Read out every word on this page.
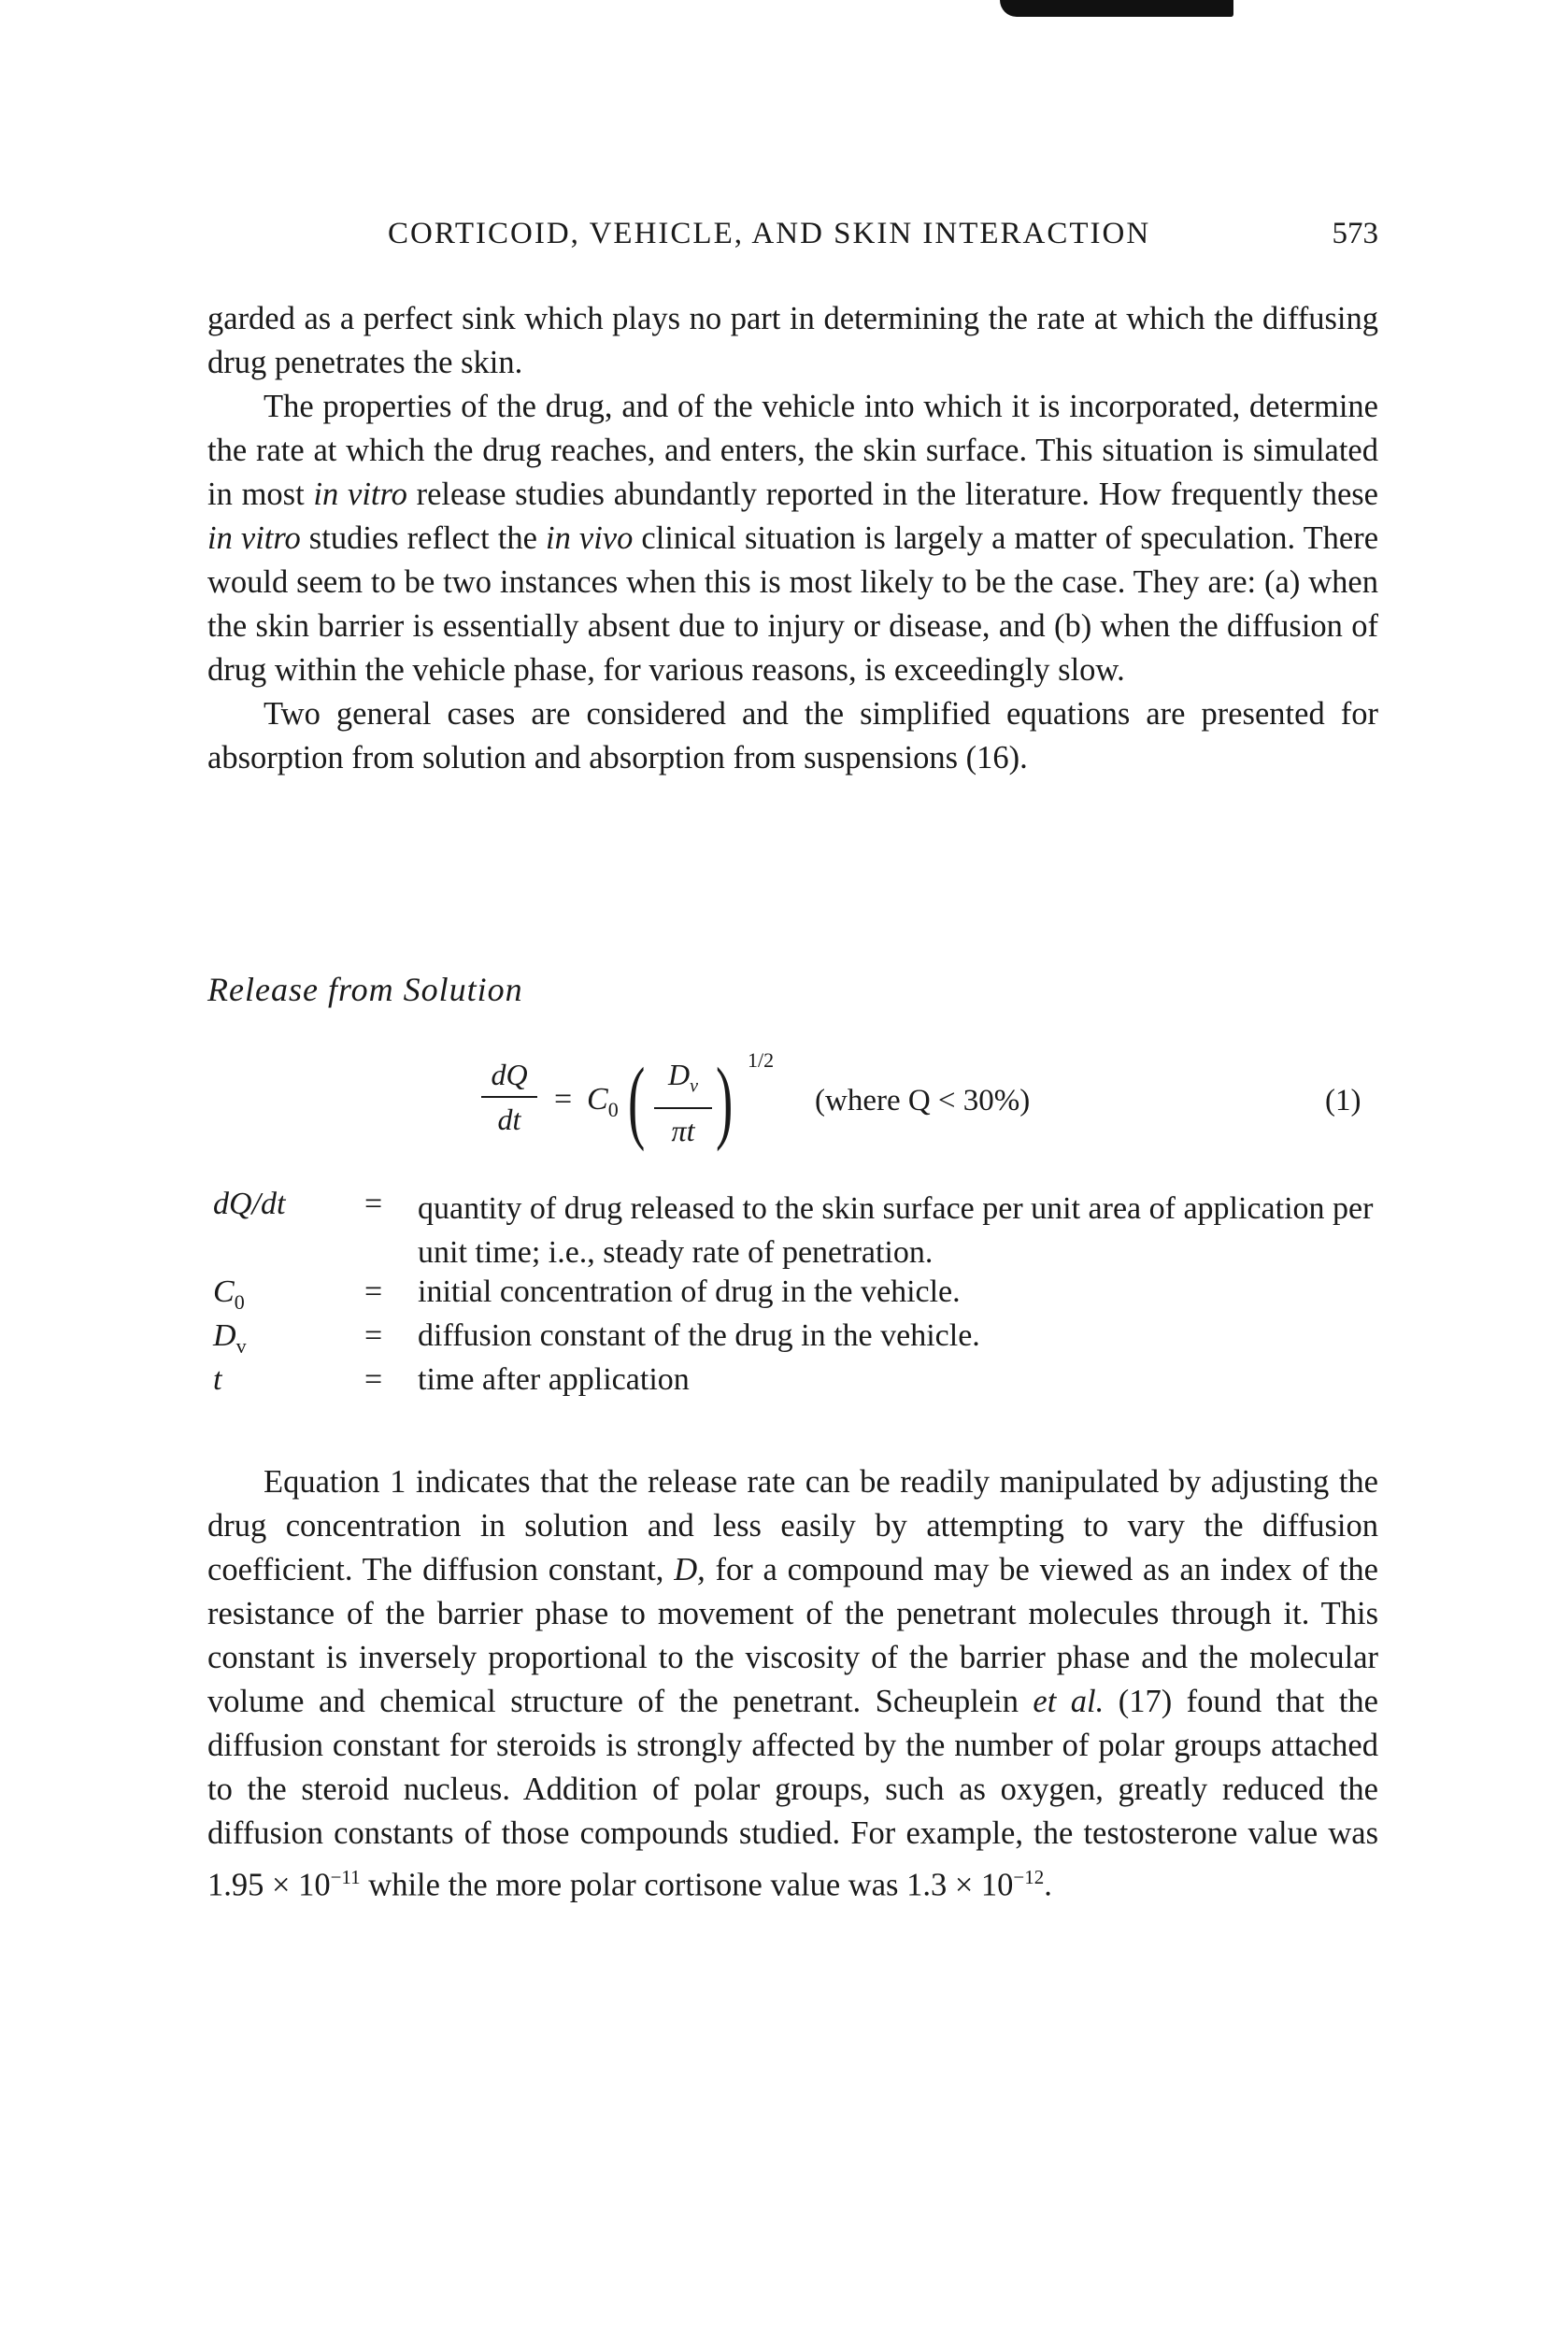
CORTICOID, VEHICLE, AND SKIN INTERACTION	573

garded as a perfect sink which plays no part in determining the rate at which the diffusing drug penetrates the skin.

The properties of the drug, and of the vehicle into which it is incorporated, determine the rate at which the drug reaches, and enters, the skin surface. This situation is simulated in most in vitro release studies abundantly reported in the literature. How frequently these in vitro studies reflect the in vivo clinical situation is largely a matter of speculation. There would seem to be two instances when this is most likely to be the case. They are: (a) when the skin barrier is essentially absent due to injury or disease, and (b) when the diffusion of drug within the vehicle phase, for various reasons, is exceedingly slow.

Two general cases are considered and the simplified equations are presented for absorption from solution and absorption from suspensions (16).

Release from Solution
dQ
dt
= $C_0$ ( $D_v$
πt ) 1/2
(where Q < 30%)	(1)
dQ/dt = quantity of drug released to the skin surface per unit area of application per unit time; i.e., steady rate of penetration.
$C_0$	= initial concentration of drug in the vehicle.
$D_v$	= diffusion constant of the drug in the vehicle.
t	= time after application

Equation 1 indicates that the release rate can be readily manipulated by adjusting the drug concentration in solution and less easily by attempting to vary the diffusion coefficient. The diffusion constant, D, for a compound may be viewed as an index of the resistance of the barrier phase to movement of the penetrant molecules through it. This constant is inversely proportional to the viscosity of the barrier phase and the molecular volume and chemical structure of the penetrant. Scheuplein et al. (17) found that the diffusion constant for steroids is strongly affected by the number of polar groups attached to the steroid nucleus. Addition of polar groups, such as oxygen, greatly reduced the diffusion constants of those compounds studied. For example, the testosterone value was $1.95 \times 10^{-11}$ while the more polar cortisone value was $1.3 \times 10^{-12}$.
